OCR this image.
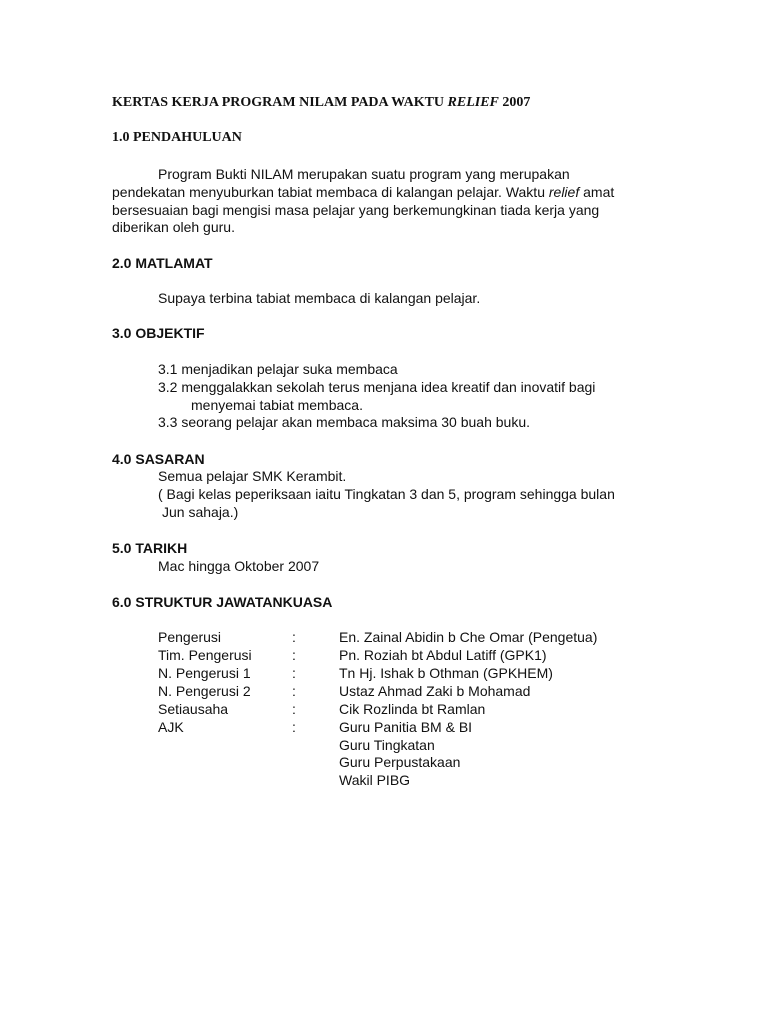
KERTAS KERJA PROGRAM NILAM PADA WAKTU RELIEF 2007
1.0 PENDAHULUAN
Program Bukti NILAM merupakan suatu program yang merupakan
pendekatan menyuburkan tabiat membaca di kalangan pelajar. Waktu relief amat
bersesuaian bagi mengisi masa pelajar yang berkemungkinan tiada kerja yang
diberikan oleh guru.
2.0 MATLAMAT
Supaya terbina tabiat membaca di kalangan pelajar.
3.0 OBJEKTIF
3.1 menjadikan pelajar suka membaca
3.2 menggalakkan sekolah terus menjana idea kreatif dan inovatif bagi
menyemai tabiat membaca.
3.3 seorang pelajar akan membaca maksima 30 buah buku.
4.0 SASARAN
Semua pelajar SMK Kerambit.
( Bagi kelas peperiksaan iaitu Tingkatan 3 dan 5, program sehingga bulan
Jun sahaja.)
5.0 TARIKH
Mac hingga Oktober 2007
6.0 STRUKTUR JAWATANKUASA
Pengerusi	:	En. Zainal Abidin b Che Omar (Pengetua)
Tim. Pengerusi	:	Pn. Roziah bt Abdul Latiff (GPK1)
N. Pengerusi 1	:	Tn Hj. Ishak b Othman (GPKHEM)
N. Pengerusi 2	:	Ustaz Ahmad Zaki b Mohamad
Setiausaha	:	Cik Rozlinda bt Ramlan
AJK	:	Guru Panitia BM & BI
Guru Tingkatan
Guru Perpustakaan
Wakil PIBG
